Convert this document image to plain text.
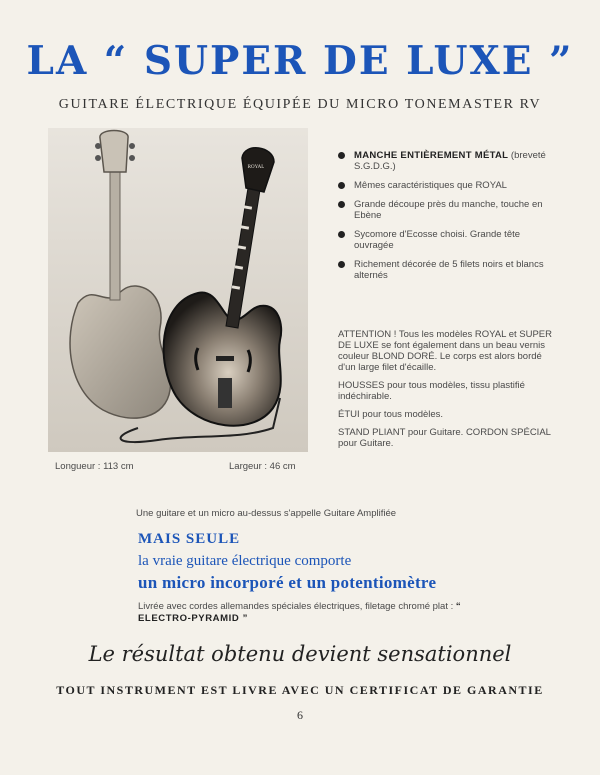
LA “ SUPER DE LUXE ”
GUITARE ÉLECTRIQUE ÉQUIPÉE DU MICRO TONEMASTER RV
ROYAL
MANCHE ENTIÈREMENT MÉTAL (breveté S.G.D.G.)
Mêmes caractéristiques que ROYAL
Grande découpe près du manche, touche en Ebène
Sycomore d'Ecosse choisi. Grande tête ouvragée
Richement décorée de 5 filets noirs et blancs alternés

ATTENTION ! Tous les modèles ROYAL et SUPER DE LUXE se font également dans un beau vernis couleur BLOND DORÉ. Le corps est alors bordé d'un large filet d'écaille.

HOUSSES pour tous modèles, tissu plastifié indéchirable.

ÉTUI pour tous modèles.

STAND PLIANT pour Guitare. CORDON SPÉCIAL pour Guitare.

Longueur : 113 cm	Largeur : 46 cm
Une guitare et un micro au-dessus s'appelle Guitare Amplifiée
MAIS SEULE
la vraie guitare électrique comporte
un micro incorporé et un potentiomètre
Livrée avec cordes allemandes spéciales électriques, filetage chromé plat : “ ELECTRO-PYRAMID ”
Le résultat obtenu devient sensationnel
TOUT INSTRUMENT EST LIVRE AVEC UN CERTIFICAT DE GARANTIE
6
